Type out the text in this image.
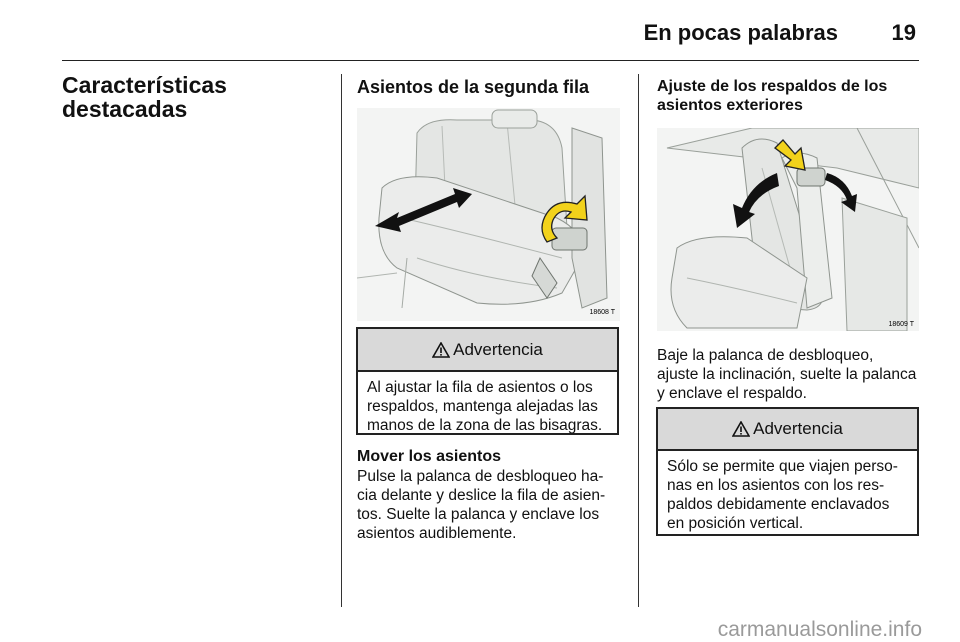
En pocas palabras 19
Características
destacadas
Asientos de la segunda fila
18608 T
Advertencia
Al ajustar la fila de asientos o los
respaldos, mantenga alejadas las
manos de la zona de las bisagras.
Mover los asientos
Pulse la palanca de desbloqueo ha-
cia delante y deslice la fila de asien-
tos. Suelte la palanca y enclave los
asientos audiblemente.
Ajuste de los respaldos de los
asientos exteriores
18609 T
Baje la palanca de desbloqueo,
ajuste la inclinación, suelte la palanca
y enclave el respaldo.
Advertencia
Sólo se permite que viajen perso-
nas en los asientos con los res-
paldos debidamente enclavados
en posición vertical.
carmanualsonline.info
